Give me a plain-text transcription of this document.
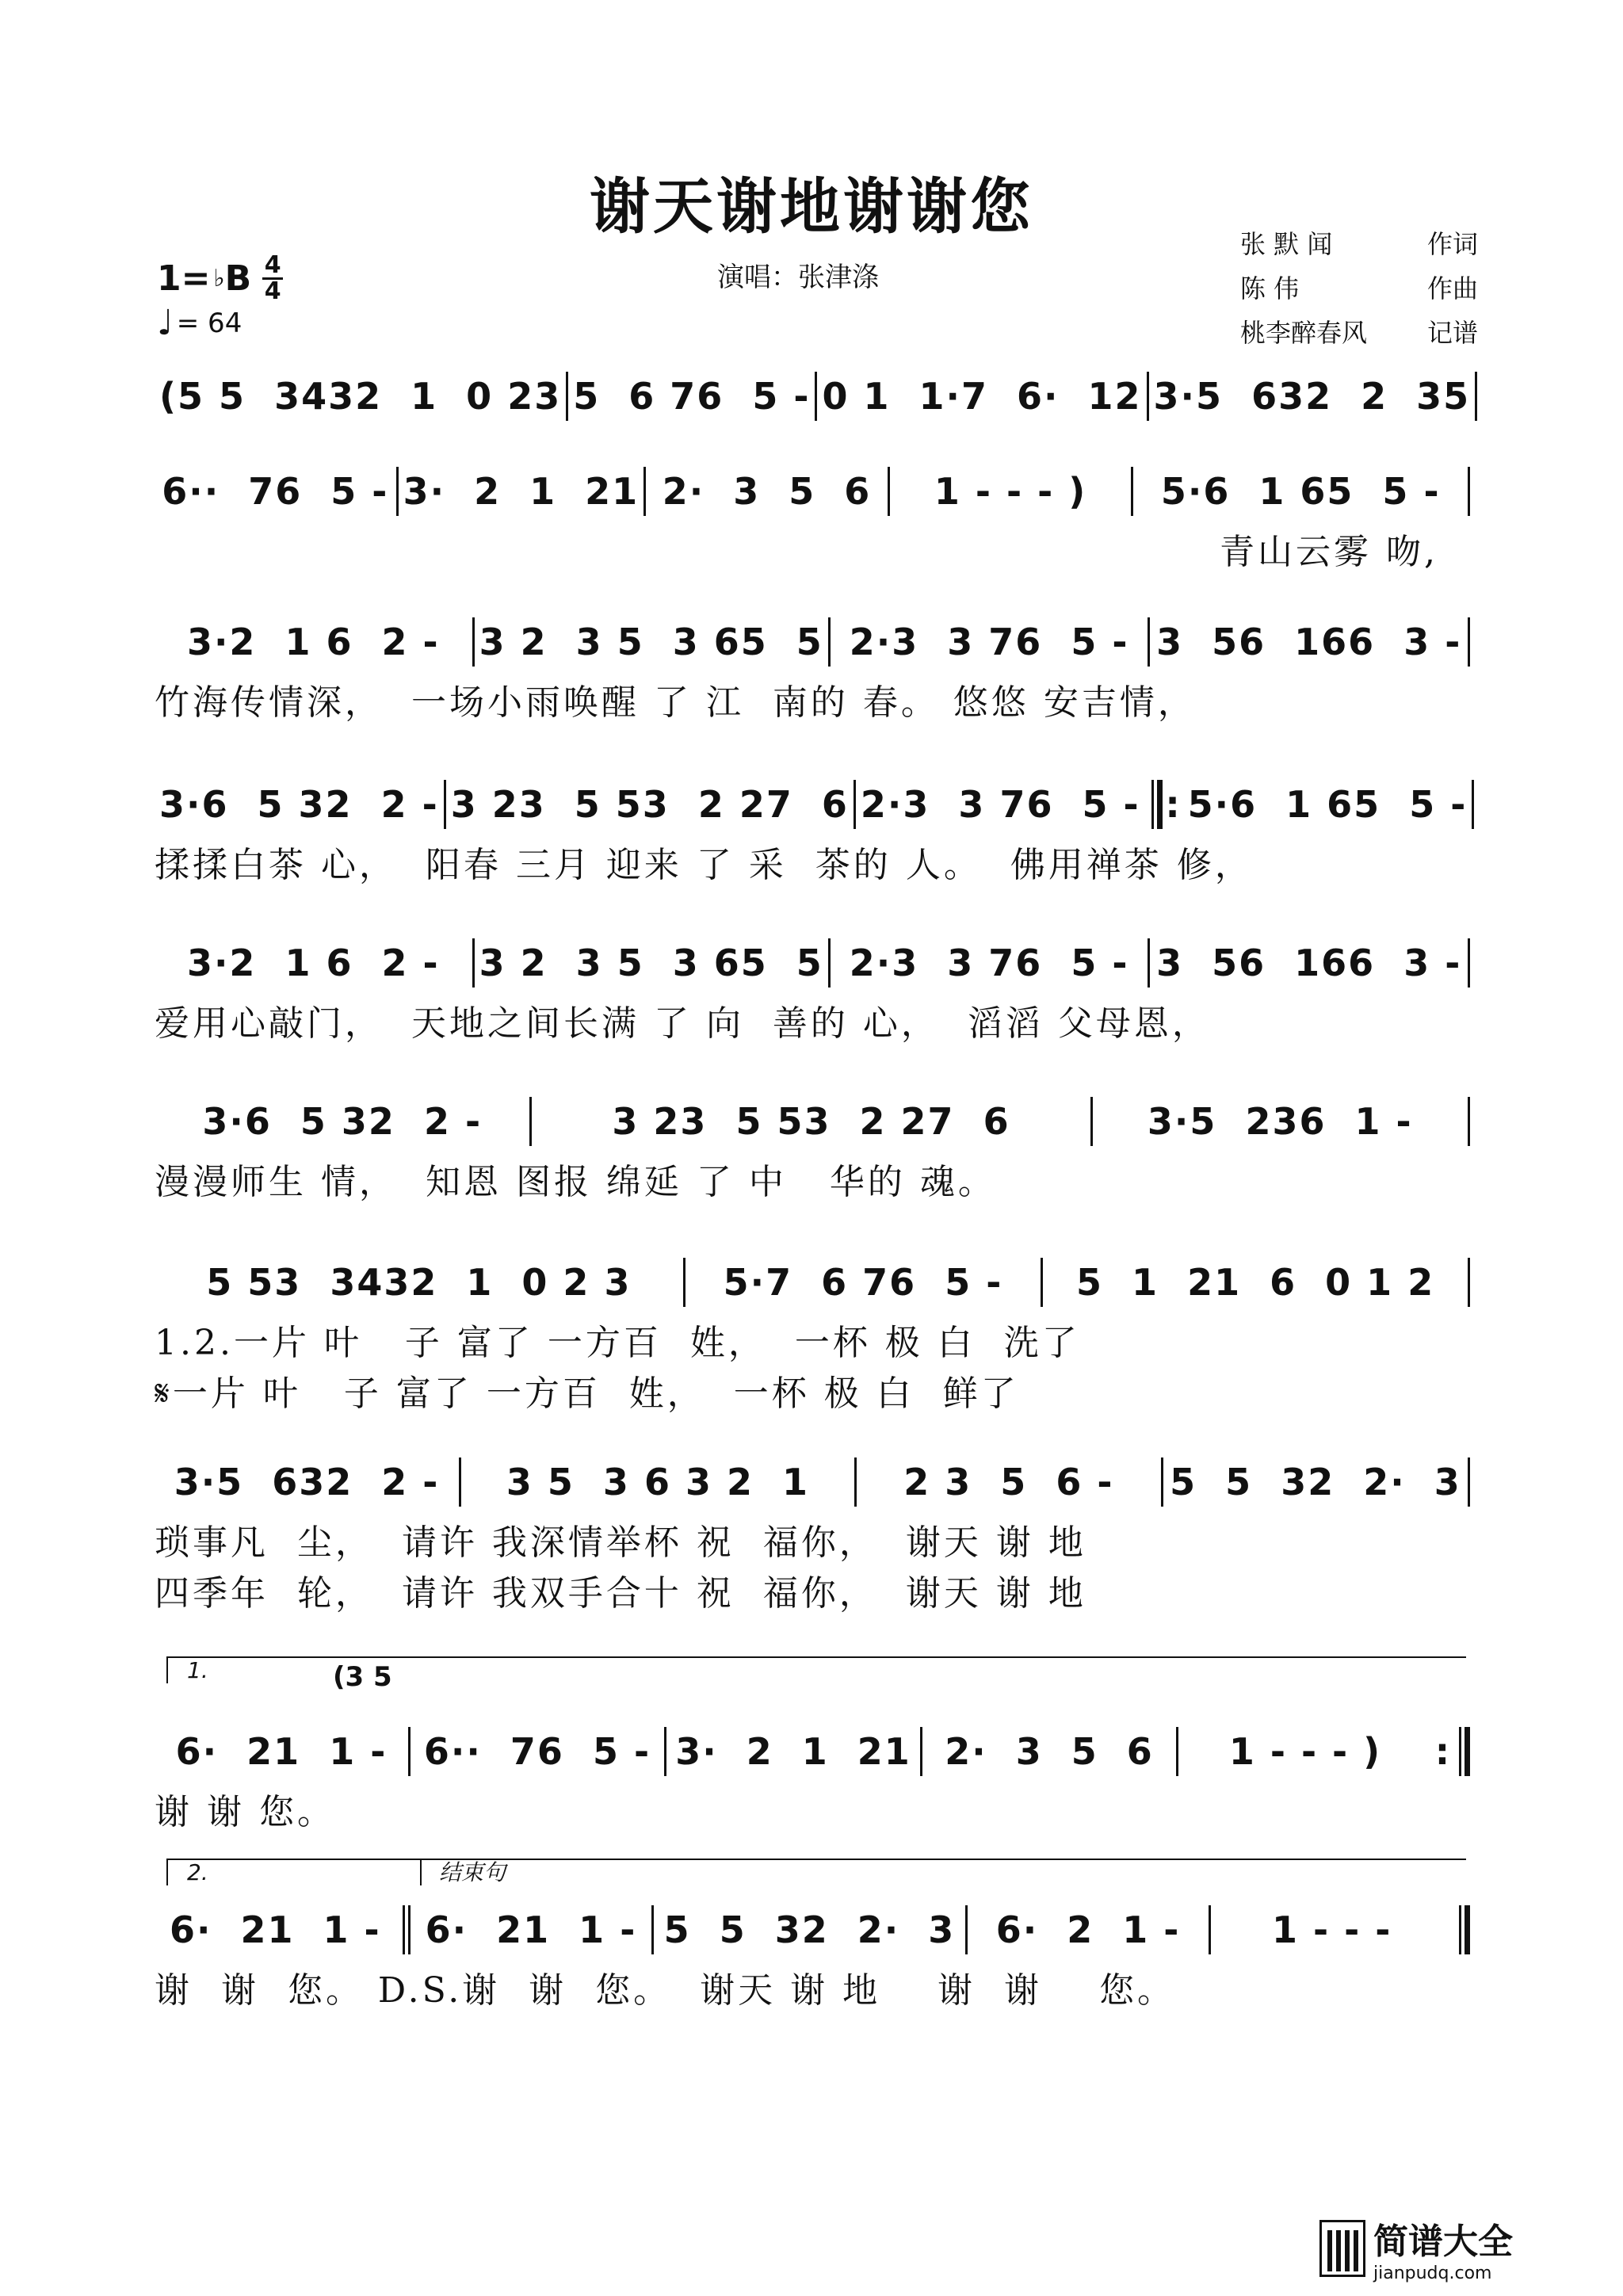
谢天谢地谢谢您
演唱：张津涤
张 默 闻	作词
陈 伟	作曲
桃李醉春风 记谱
1= ♭ B 4
4
♩ = 64
(5 5  3432  1  0 23 5  6 76  5 - 0 1  1·7  6·  12 3·5  632  2  35
6··  76  5 - 3·  2  1  21 2·  3  5  6	1 - - - )	5·6  1 65  5 -
青山云雾 吻,
3·2  1 6  2 -	3 2  3 5  3 65  5 2·3  3 76  5 - 3  56  166  3 -
竹海传情深，  一场小雨唤醒 了 江  南的 春。 悠悠 安吉情，
3·6  5 32  2 - 3 23  5 53  2 27  6 2·3  3 76  5 - : 5·6  1 65  5 -
揉揉白茶 心，  阳春 三月 迎来 了 采  茶的 人。  佛用禅茶 修，
3·2  1 6  2 -	3 2  3 5  3 65  5 2·3  3 76  5 - 3  56  166  3 -
爱用心敲门，  天地之间长满 了 向  善的 心，  滔滔 父母恩，
3·6  5 32  2 -	3 23  5 53  2 27  6	3·5  236  1 -
漫漫师生 情，  知恩 图报 绵延 了 中   华的 魂。
5 53  3432  1  0 2 3	5·7  6 76  5 -	5  1  21  6  0 1 2
1.2.一片 叶   子 富了 一方百  姓，  一杯 极 白  洗了
𝄋一片 叶   子 富了 一方百  姓，  一杯 极 白  鲜了
3·5  632  2 -	3 5  3 6 3 2  1	2 3  5  6 -	5  5  32  2·  3
琐事凡  尘，  请许 我深情举杯 祝  福你，  谢天 谢 地
四季年  轮，  请许 我双手合十 祝  福你，  谢天 谢 地
1.	(3 5
6·  21  1 -	6··  76  5 - 3·  2  1  21 2·  3  5  6	1 - - - )	:
谢 谢 您。
2.	结束句
6·  21  1 -	6·  21  1 - 5  5  32  2·  3	6·  2  1 -	1 - - -
谢  谢  您。 D.S.谢  谢  您。  谢天 谢 地    谢  谢    您。
简谱大全
jianpudq.com
